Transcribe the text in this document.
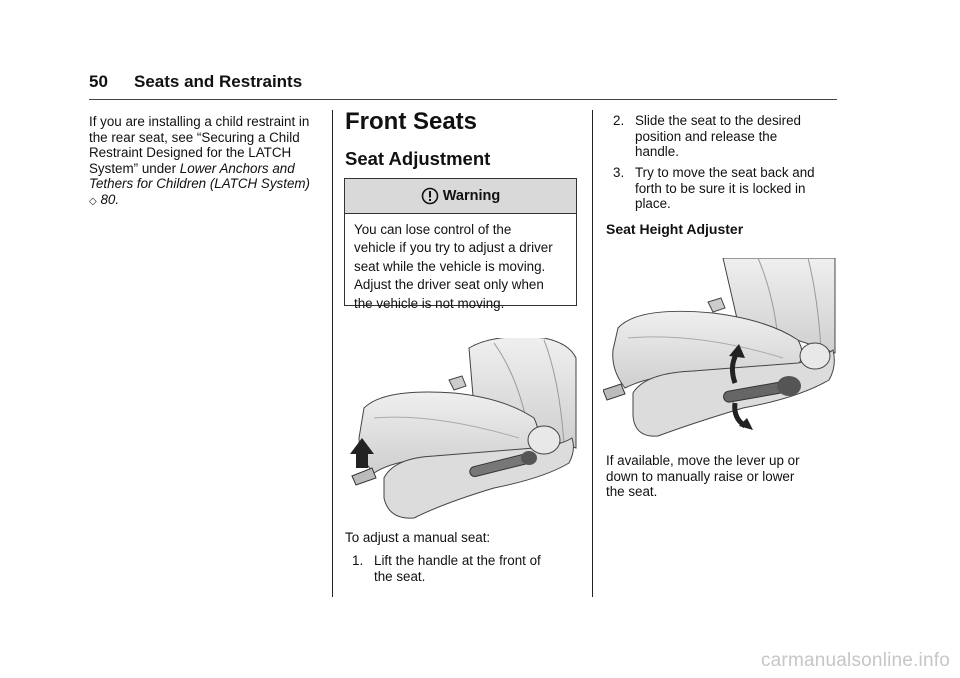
50 Seats and Restraints
If you are installing a child restraint in the rear seat, see “Securing a Child Restraint Designed for the LATCH System” under Lower Anchors and Tethers for Children (LATCH System) ◇ 80.
Front Seats
Seat Adjustment
Warning
You can lose control of the
vehicle if you try to adjust a driver
seat while the vehicle is moving.
Adjust the driver seat only when
the vehicle is not moving.
To adjust a manual seat:
1. Lift the handle at the front of
the seat.
2. Slide the seat to the desired
position and release the
handle.
3. Try to move the seat back and
forth to be sure it is locked in
place.
Seat Height Adjuster
If available, move the lever up or
down to manually raise or lower
the seat.
carmanualsonline.info
